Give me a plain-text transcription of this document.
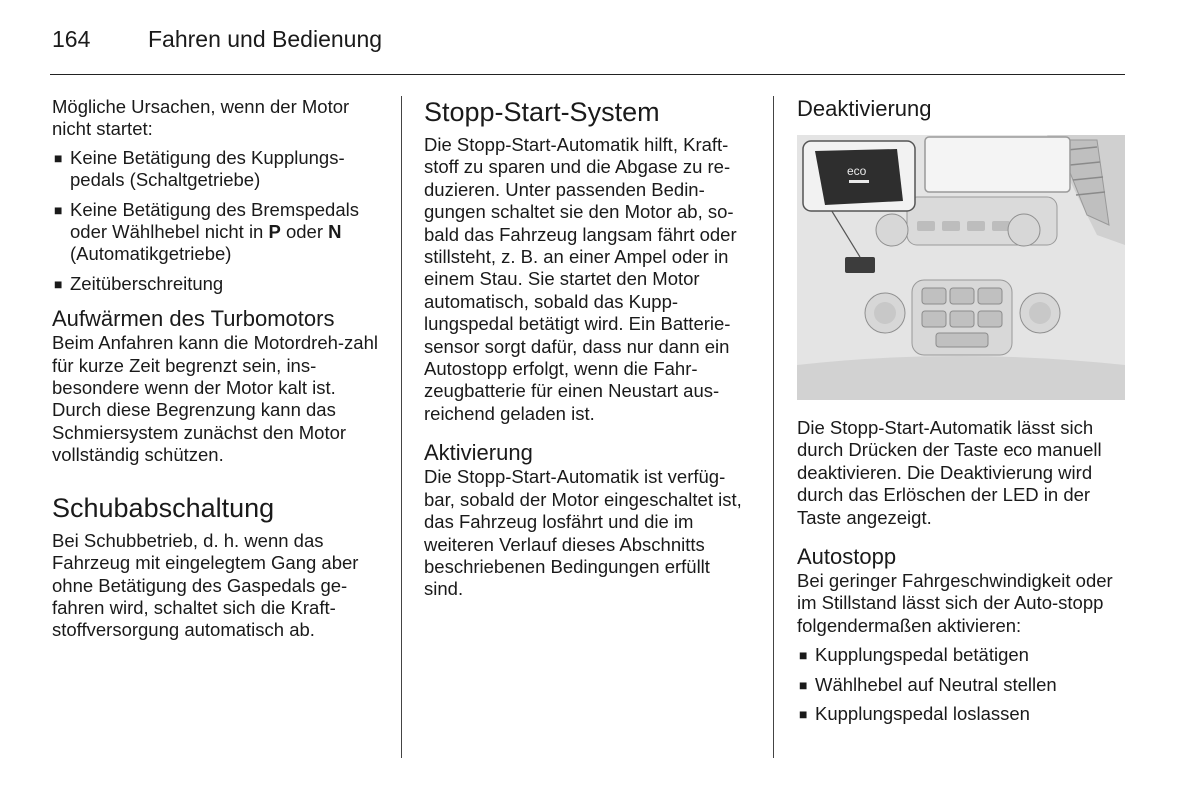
164	Fahren und Bedienung

Mögliche Ursachen, wenn der Motor nicht startet:

■ Keine Betätigung des Kupplungs-pedals (Schaltgetriebe)
■ Keine Betätigung des Bremspedals oder Wählhebel nicht in P oder N (Automatikgetriebe)
■ Zeitüberschreitung
Aufwärmen des Turbomotors

Beim Anfahren kann die Motordreh-zahl für kurze Zeit begrenzt sein, ins-besondere wenn der Motor kalt ist. Durch diese Begrenzung kann das Schmiersystem zunächst den Motor vollständig schützen.

Schubabschaltung

Bei Schubbetrieb, d. h. wenn das Fahrzeug mit eingelegtem Gang aber ohne Betätigung des Gaspedals ge-fahren wird, schaltet sich die Kraft-stoffversorgung automatisch ab.

Stopp-Start-System

Die Stopp-Start-Automatik hilft, Kraft-stoff zu sparen und die Abgase zu re-duzieren. Unter passenden Bedin-gungen schaltet sie den Motor ab, so-bald das Fahrzeug langsam fährt oder stillsteht, z. B. an einer Ampel oder in einem Stau. Sie startet den Motor automatisch, sobald das Kupp-lungspedal betätigt wird. Ein Batterie-sensor sorgt dafür, dass nur dann ein Autostopp erfolgt, wenn die Fahr-zeugbatterie für einen Neustart aus-reichend geladen ist.

Aktivierung

Die Stopp-Start-Automatik ist verfüg-bar, sobald der Motor eingeschaltet ist, das Fahrzeug losfährt und die im weiteren Verlauf dieses Abschnitts beschriebenen Bedingungen erfüllt sind.

Deaktivierung
eco

Die Stopp-Start-Automatik lässt sich durch Drücken der Taste eco manuell deaktivieren. Die Deaktivierung wird durch das Erlöschen der LED in der Taste angezeigt.

Autostopp

Bei geringer Fahrgeschwindigkeit oder im Stillstand lässt sich der Auto-stopp folgendermaßen aktivieren:

■ Kupplungspedal betätigen
■ Wählhebel auf Neutral stellen
■ Kupplungspedal loslassen
